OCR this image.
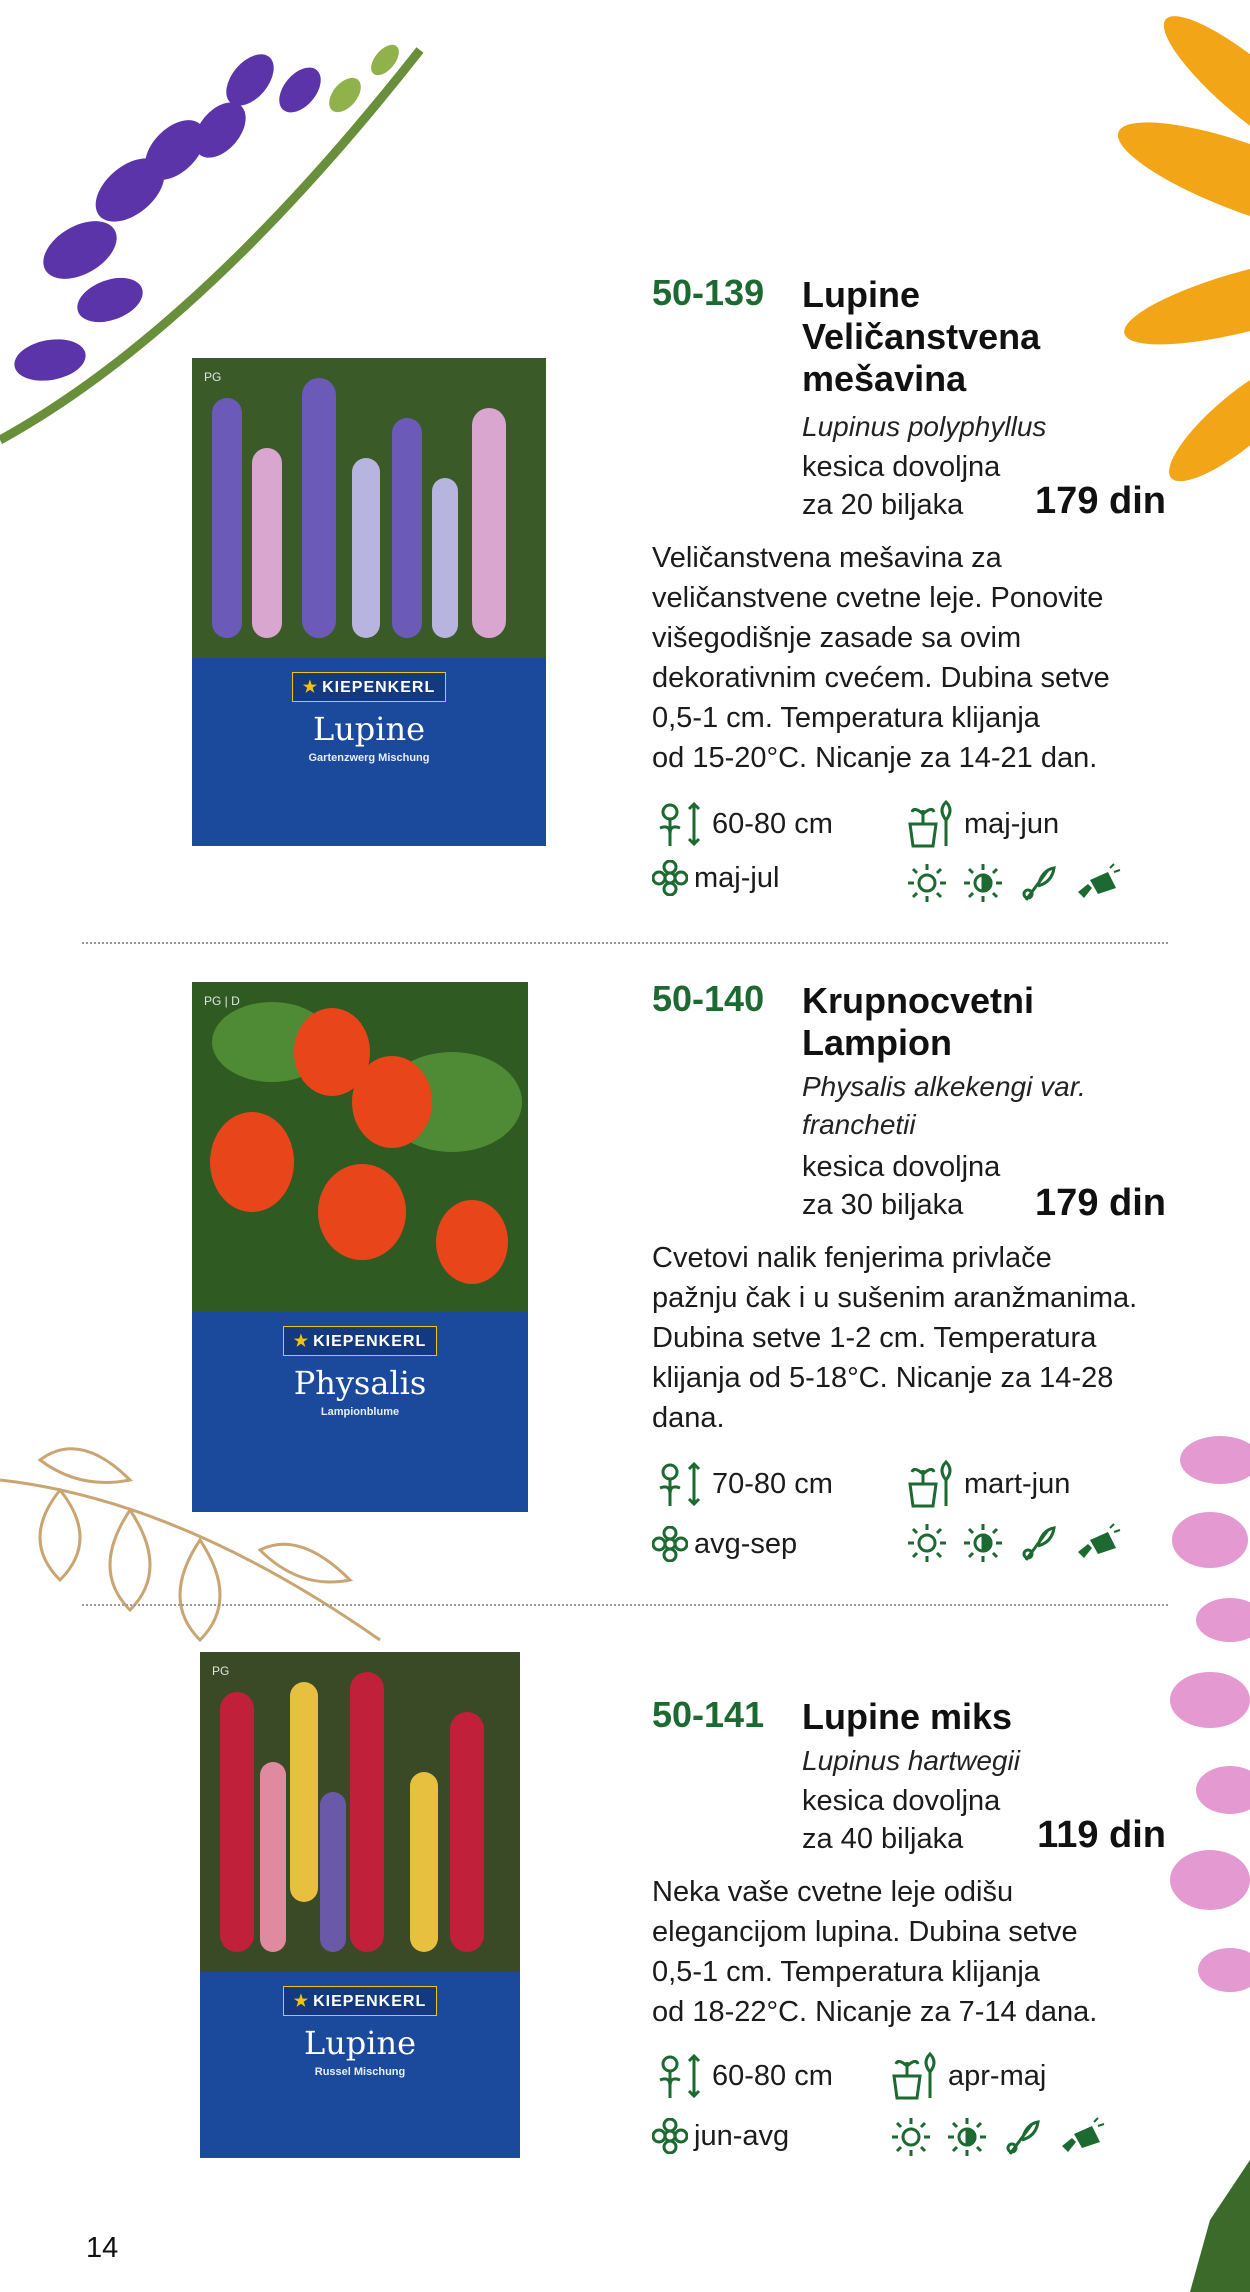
PG
★ KIEPENKERL
Lupine
Gartenzwerg Mischung
50-139 Lupine
Veličanstvena
mešavina
Lupinus polyphyllus
kesica dovoljna
za 20 biljaka	179 din
Veličanstvena mešavina za
veličanstvene cvetne leje. Ponovite
višegodišnje zasade sa ovim
dekorativnim cvećem. Dubina setve
0,5-1 cm. Temperatura klijanja
od 15-20°C. Nicanje za 14-21 dan.
60-80 cm	maj-jun
maj-jul
PG | D
★ KIEPENKERL
Physalis
Lampionblume
50-140 Krupnocvetni
Lampion
Physalis alkekengi var.
franchetii
kesica dovoljna
za 30 biljaka	179 din
Cvetovi nalik fenjerima privlače
pažnju čak i u sušenim aranžmanima.
Dubina setve 1-2 cm. Temperatura
klijanja od 5-18°C. Nicanje za 14-28
dana.
70-80 cm	mart-jun
avg-sep
PG
★ KIEPENKERL
Lupine
Russel Mischung
50-141 Lupine miks
Lupinus hartwegii
kesica dovoljna
za 40 biljaka	119 din
Neka vaše cvetne leje odišu
elegancijom lupina. Dubina setve
0,5-1 cm. Temperatura klijanja
od 18-22°C. Nicanje za 7-14 dana.
60-80 cm	apr-maj
jun-avg
14
